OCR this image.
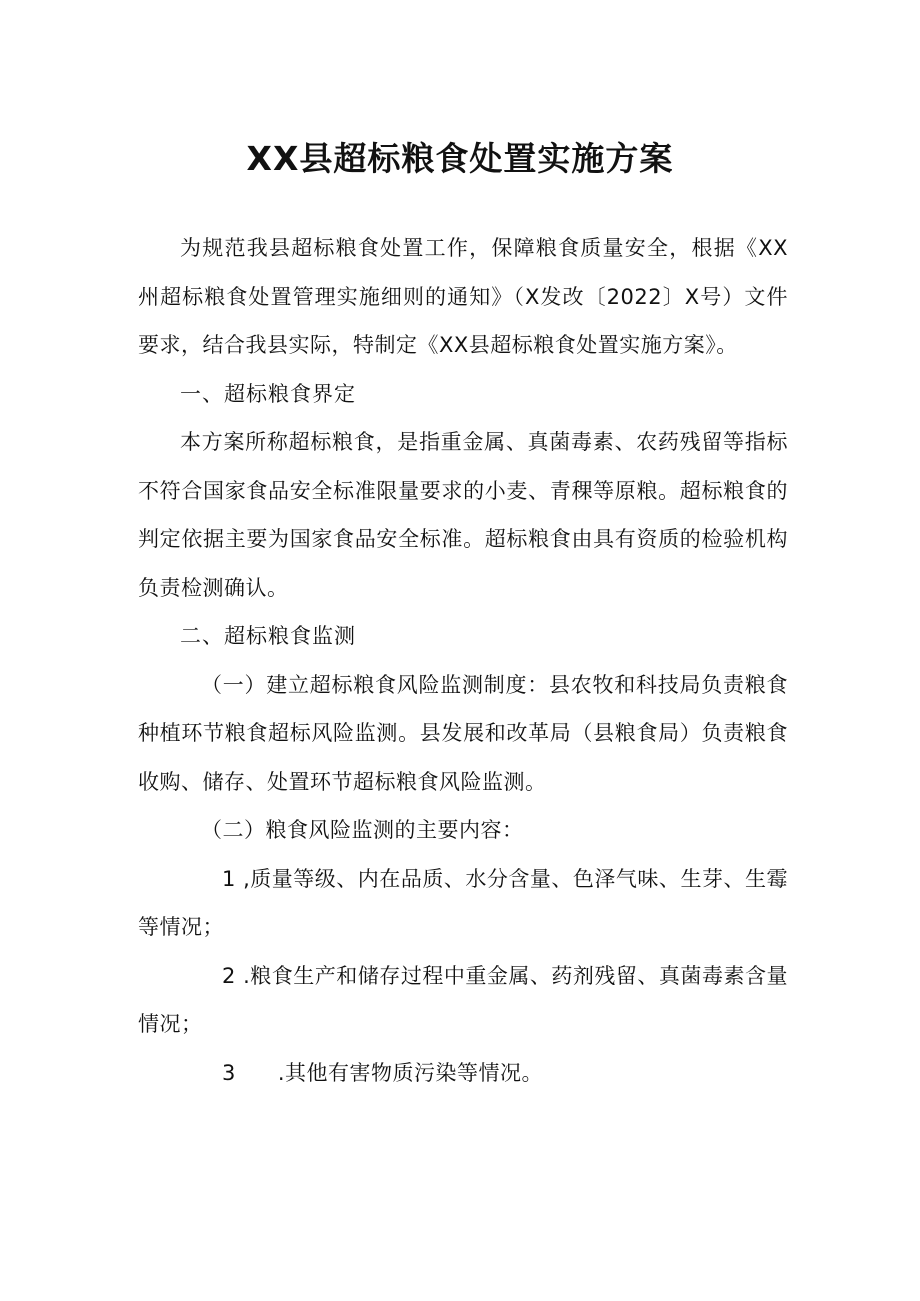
XX县超标粮食处置实施方案

为规范我县超标粮食处置工作，保障粮食质量安全，根据《XX州超标粮食处置管理实施细则的通知》（X发改〔2022〕X号）文件要求，结合我县实际，特制定《XX县超标粮食处置实施方案》。

一、超标粮食界定

本方案所称超标粮食，是指重金属、真菌毒素、农药残留等指标不符合国家食品安全标准限量要求的小麦、青稞等原粮。超标粮食的判定依据主要为国家食品安全标准。超标粮食由具有资质的检验机构负责检测确认。

二、超标粮食监测

（一）建立超标粮食风险监测制度：县农牧和科技局负责粮食种植环节粮食超标风险监测。县发展和改革局（县粮食局）负责粮食收购、储存、处置环节超标粮食风险监测。

（二）粮食风险监测的主要内容：

1 ,质量等级、内在品质、水分含量、色泽气味、生芽、生霉等情况；

2 .粮食生产和储存过程中重金属、药剂残留、真菌毒素含量情况；

3 .其他有害物质污染等情况。
